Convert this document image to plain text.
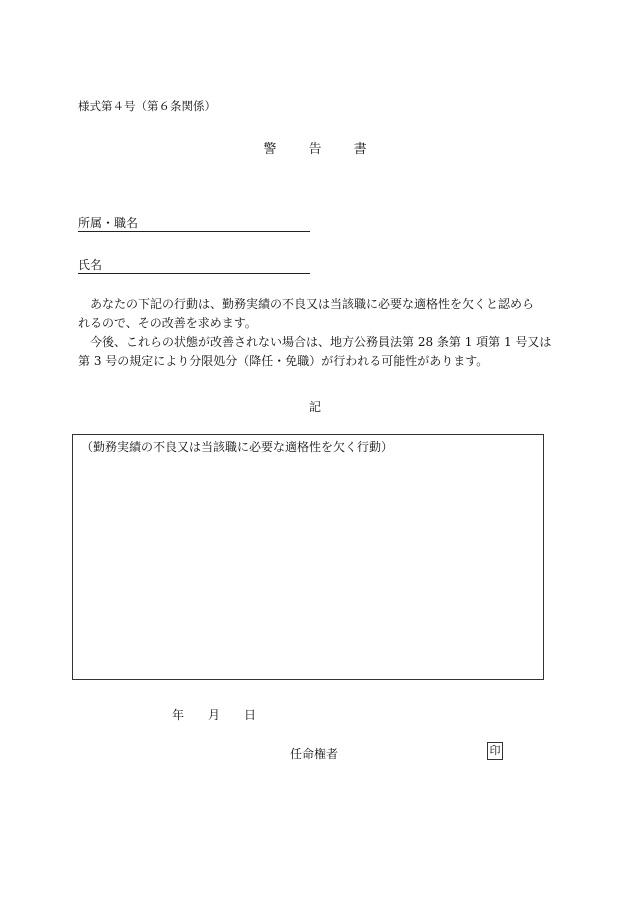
様式第４号（第６条関係）
警 告 書
所属・職名
氏名
　あなたの下記の行動は、勤務実績の不良又は当該職に必要な適格性を欠くと認めら
れるので、その改善を求めます。
　今後、これらの状態が改善されない場合は、地方公務員法第 28 条第 1 項第 1 号又は
第 3 号の規定により分限処分（降任・免職）が行われる可能性があります。
記
（勤務実績の不良又は当該職に必要な適格性を欠く行動）
年 月 日
任命権者	印
